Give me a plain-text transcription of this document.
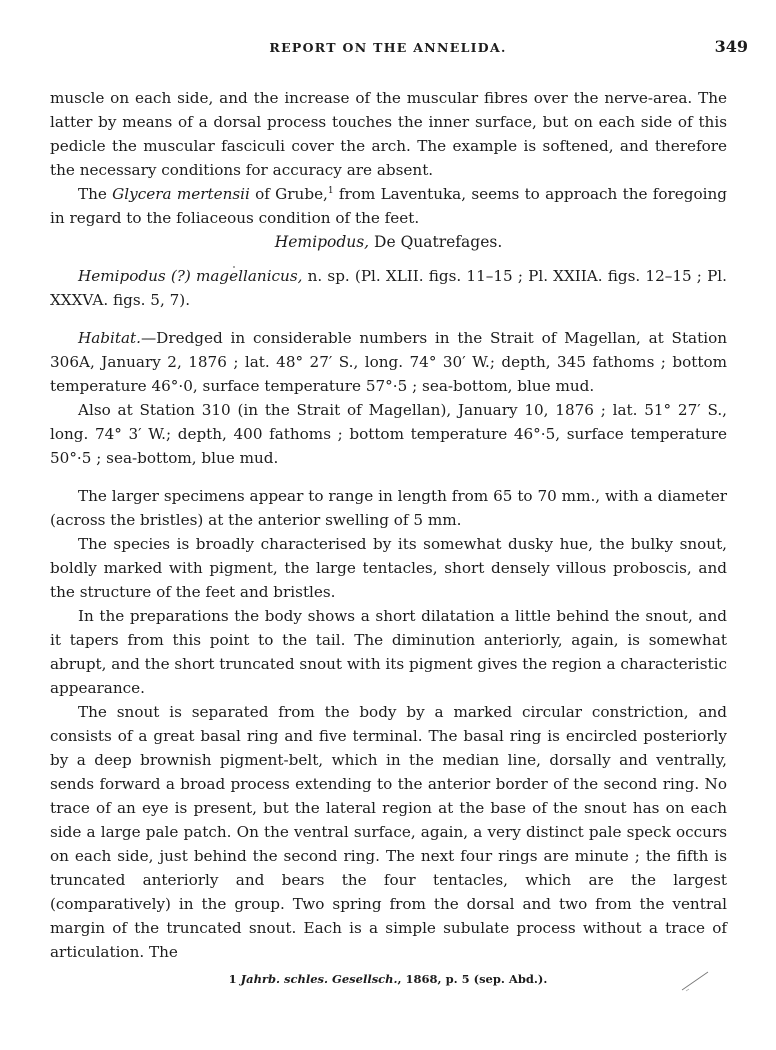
REPORT ON THE ANNELIDA.	349

muscle on each side, and the increase of the muscular fibres over the nerve-area. The latter by means of a dorsal process touches the inner surface, but on each side of this pedicle the muscular fasciculi cover the arch. The example is softened, and therefore the necessary conditions for accuracy are absent.

The Glycera mertensii of Grube,$^1$ from Laventuka, seems to approach the foregoing in regard to the foliaceous condition of the feet.

Hemipodus, De Quatrefages.

Hemipodus (?) magellanicus, n. sp. (Pl. XLII. figs. 11–15 ; Pl. XXIIA. figs. 12–15 ; Pl. XXXVA. figs. 5, 7).

Habitat.—Dredged in considerable numbers in the Strait of Magellan, at Station 306A, January 2, 1876 ; lat. 48° 27′ S., long. 74° 30′ W.; depth, 345 fathoms ; bottom temperature 46°·0, surface temperature 57°·5 ; sea-bottom, blue mud.

Also at Station 310 (in the Strait of Magellan), January 10, 1876 ; lat. 51° 27′ S., long. 74° 3′ W.; depth, 400 fathoms ; bottom temperature 46°·5, surface temperature 50°·5 ; sea-bottom, blue mud.

The larger specimens appear to range in length from 65 to 70 mm., with a diameter (across the bristles) at the anterior swelling of 5 mm.

The species is broadly characterised by its somewhat dusky hue, the bulky snout, boldly marked with pigment, the large tentacles, short densely villous proboscis, and the structure of the feet and bristles.

In the preparations the body shows a short dilatation a little behind the snout, and it tapers from this point to the tail. The diminution anteriorly, again, is somewhat abrupt, and the short truncated snout with its pigment gives the region a characteristic appearance.

The snout is separated from the body by a marked circular constriction, and consists of a great basal ring and five terminal. The basal ring is encircled posteriorly by a deep brownish pigment-belt, which in the median line, dorsally and ventrally, sends forward a broad process extending to the anterior border of the second ring. No trace of an eye is present, but the lateral region at the base of the snout has on each side a large pale patch. On the ventral surface, again, a very distinct pale speck occurs on each side, just behind the second ring. The next four rings are minute ; the fifth is truncated anteriorly and bears the four tentacles, which are the largest (comparatively) in the group. Two spring from the dorsal and two from the ventral margin of the truncated snout. Each is a simple subulate process without a trace of articulation. The

1 Jahrb. schles. Gesellsch., 1868, p. 5 (sep. Abd.).
